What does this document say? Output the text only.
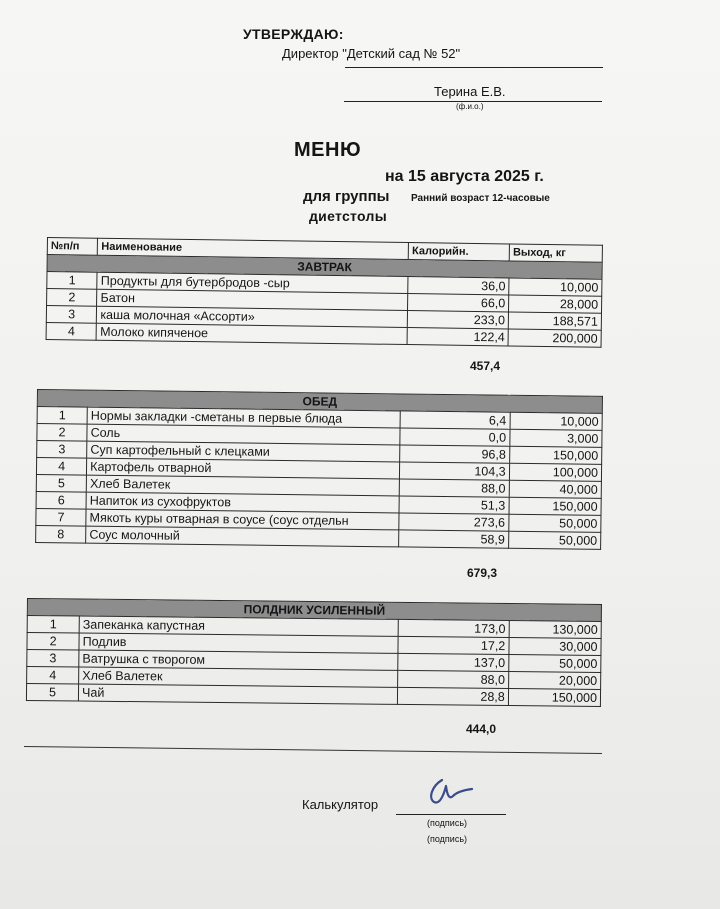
УТВЕРЖДАЮ:
Директор "Детский сад № 52"
Терина Е.В.
(ф.и.о.)
МЕНЮ
на 15 августа 2025 г.
для группы Ранний возраст 12-часовые
диетстолы
№п/п	Наименование	Калорийн.	Выход, кг
ЗАВТРАК			
1	Продукты для бутербродов -сыр	36,0	10,000
2	Батон	66,0	28,000
3	каша молочная «Ассорти»	233,0	188,571
4	Молоко кипяченое	122,4	200,000
457,4
ОБЕД			
1	Нормы закладки -сметаны в первые блюда	6,4	10,000
2	Соль	0,0	3,000
3	Суп картофельный с клецками	96,8	150,000
4	Картофель отварной	104,3	100,000
5	Хлеб Валетек	88,0	40,000
6	Напиток из сухофруктов	51,3	150,000
7	Мякоть куры отварная в соусе (соус отдельн	273,6	50,000
8	Соус молочный	58,9	50,000
679,3
ПОЛДНИК УСИЛЕННЫЙ			
1	Запеканка капустная	173,0	130,000
2	Подлив	17,2	30,000
3	Ватрушка с творогом	137,0	50,000
4	Хлеб Валетек	88,0	20,000
5	Чай	28,8	150,000
444,0
Калькулятор
(подпись)
(подпись)
